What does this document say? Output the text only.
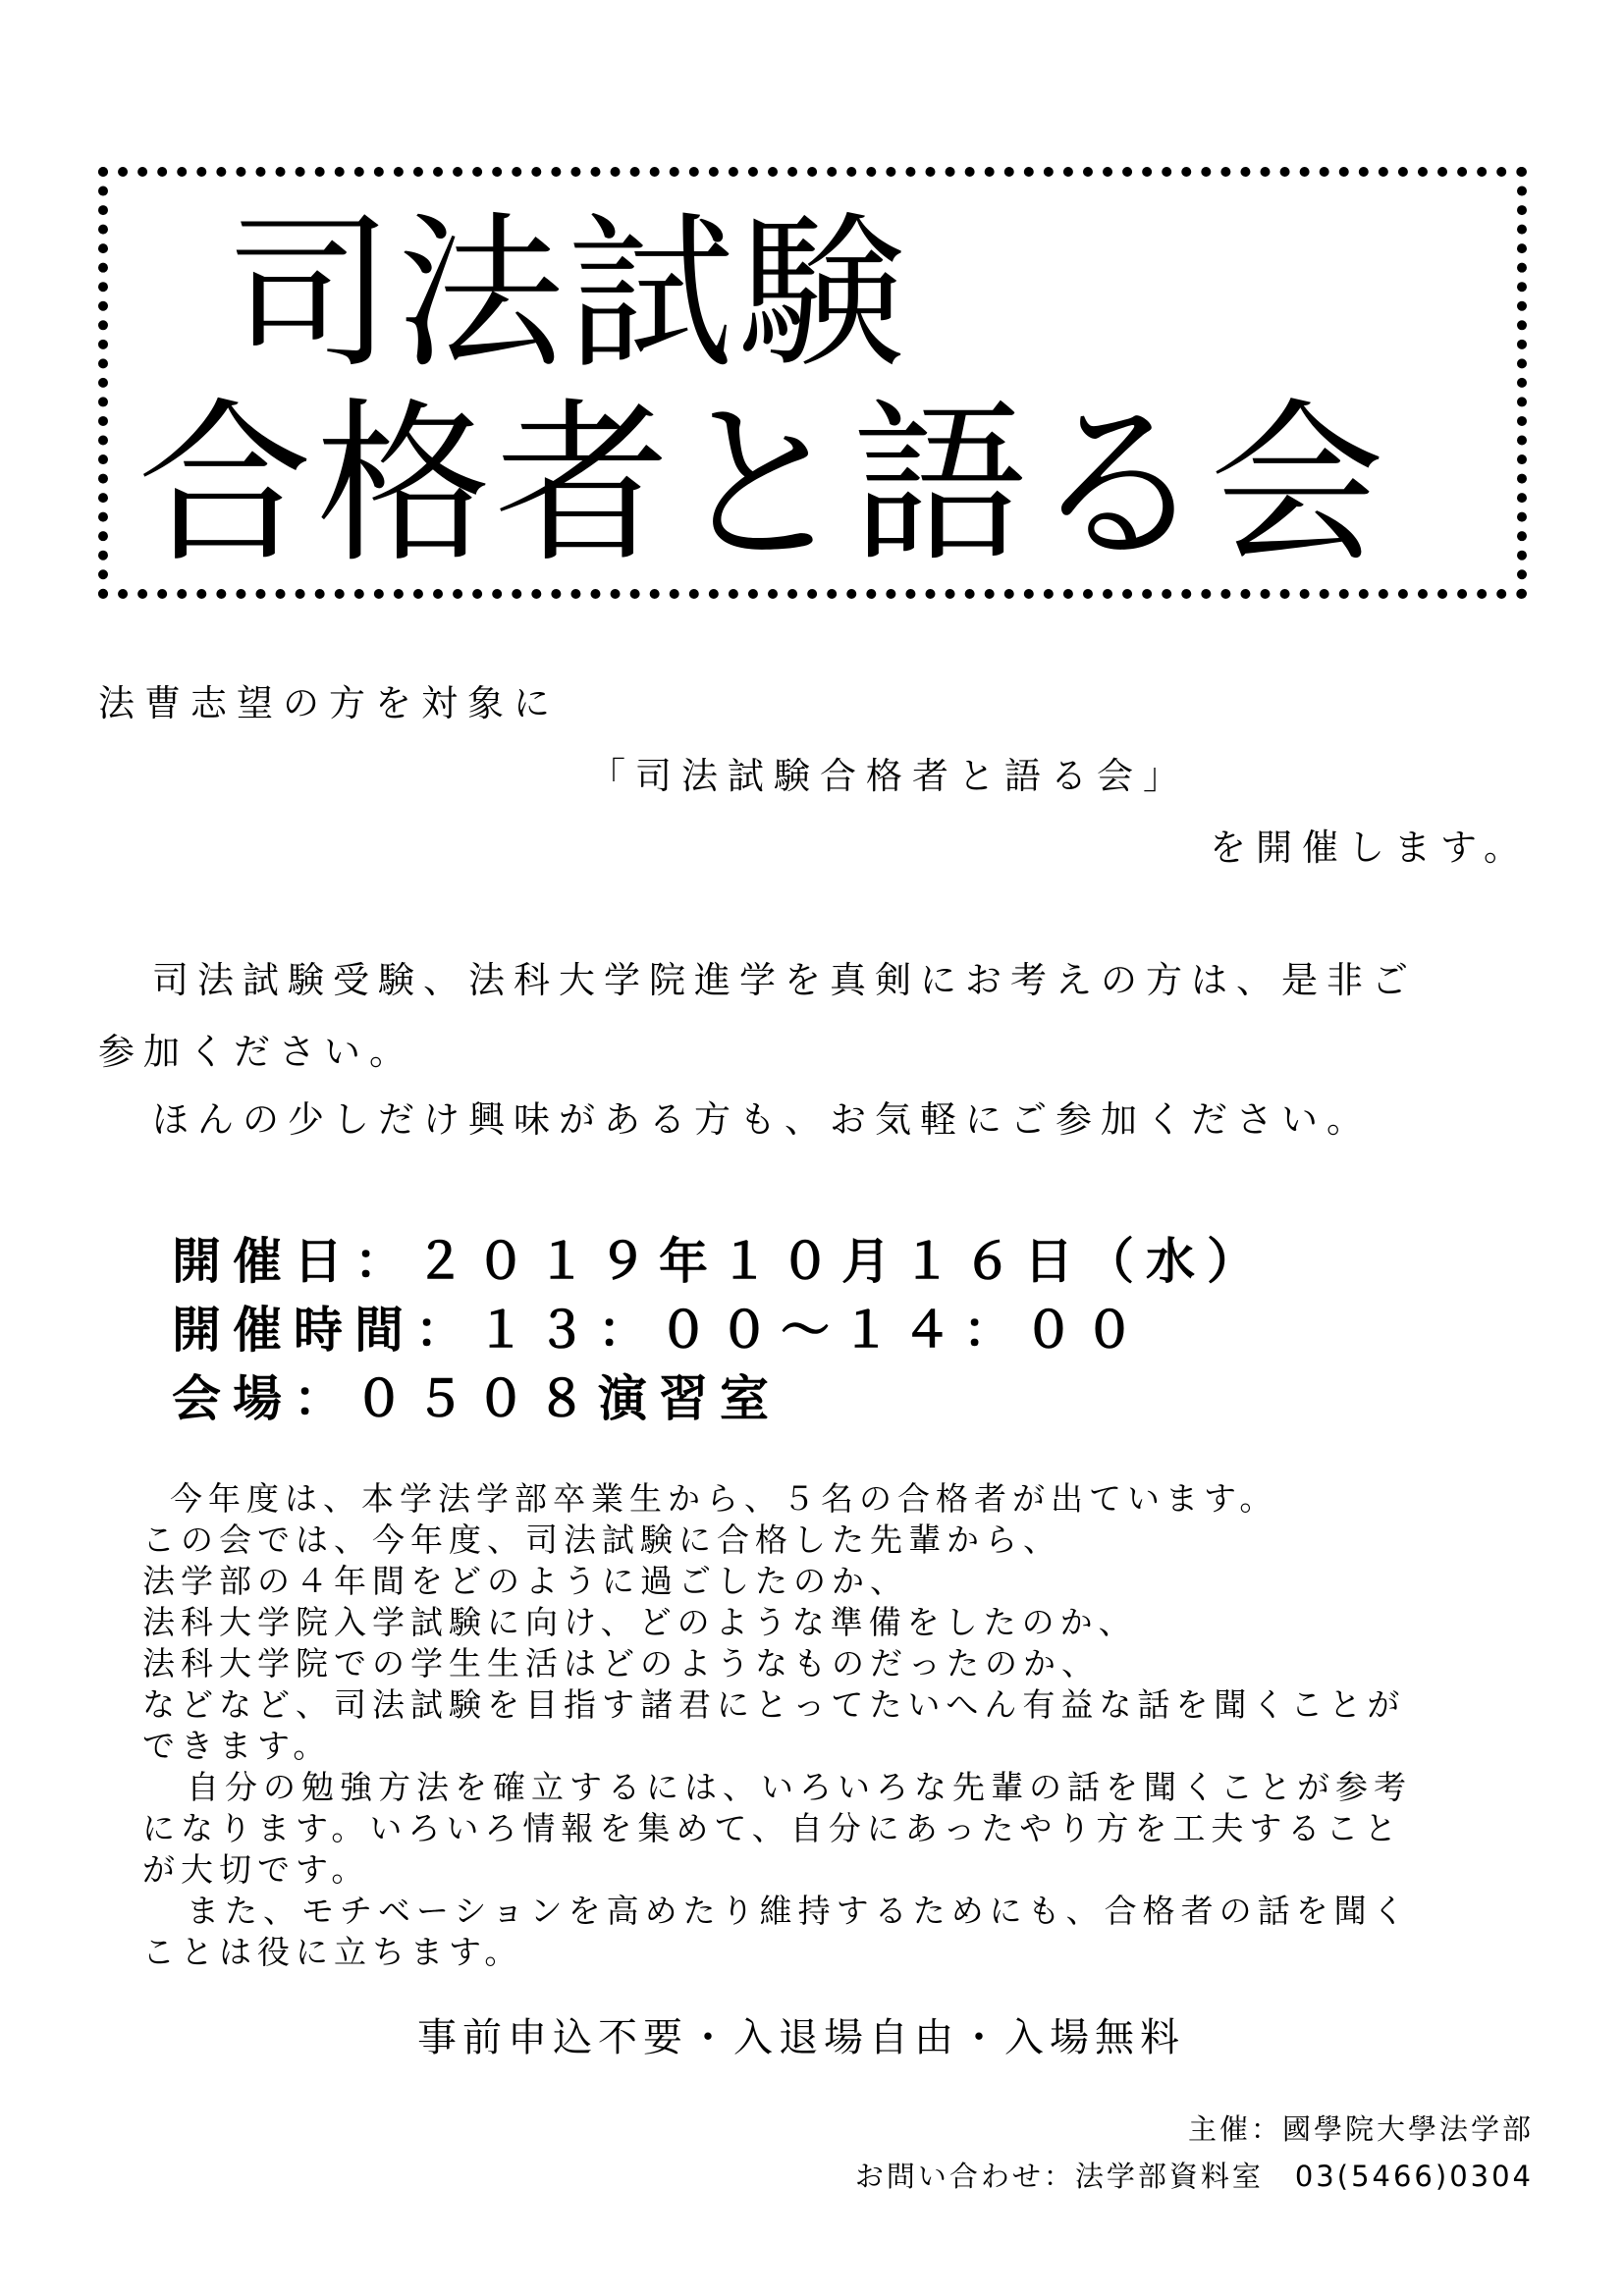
司法試験
合格者と語る会
法曹志望の方を対象に
「司法試験合格者と語る会」
を開催します。
司法試験受験、法科大学院進学を真剣にお考えの方は、是非ご
参加ください。
ほんの少しだけ興味がある方も、お気軽にご参加ください。
開催日：２０１９年１０月１６日（水）
開催時間：１３：００～１４：００
会場：０５０８演習室
今年度は、本学法学部卒業生から、５名の合格者が出ています。
この会では、今年度、司法試験に合格した先輩から、
法学部の４年間をどのように過ごしたのか、
法科大学院入学試験に向け、どのような準備をしたのか、
法科大学院での学生生活はどのようなものだったのか、
などなど、司法試験を目指す諸君にとってたいへん有益な話を聞くことが
できます。
自分の勉強方法を確立するには、いろいろな先輩の話を聞くことが参考
になります。いろいろ情報を集めて、自分にあったやり方を工夫すること
が大切です。
また、モチベーションを高めたり維持するためにも、合格者の話を聞く
ことは役に立ちます。
事前申込不要・入退場自由・入場無料
主催：國學院大學法学部
お問い合わせ：法学部資料室　03(5466)0304
